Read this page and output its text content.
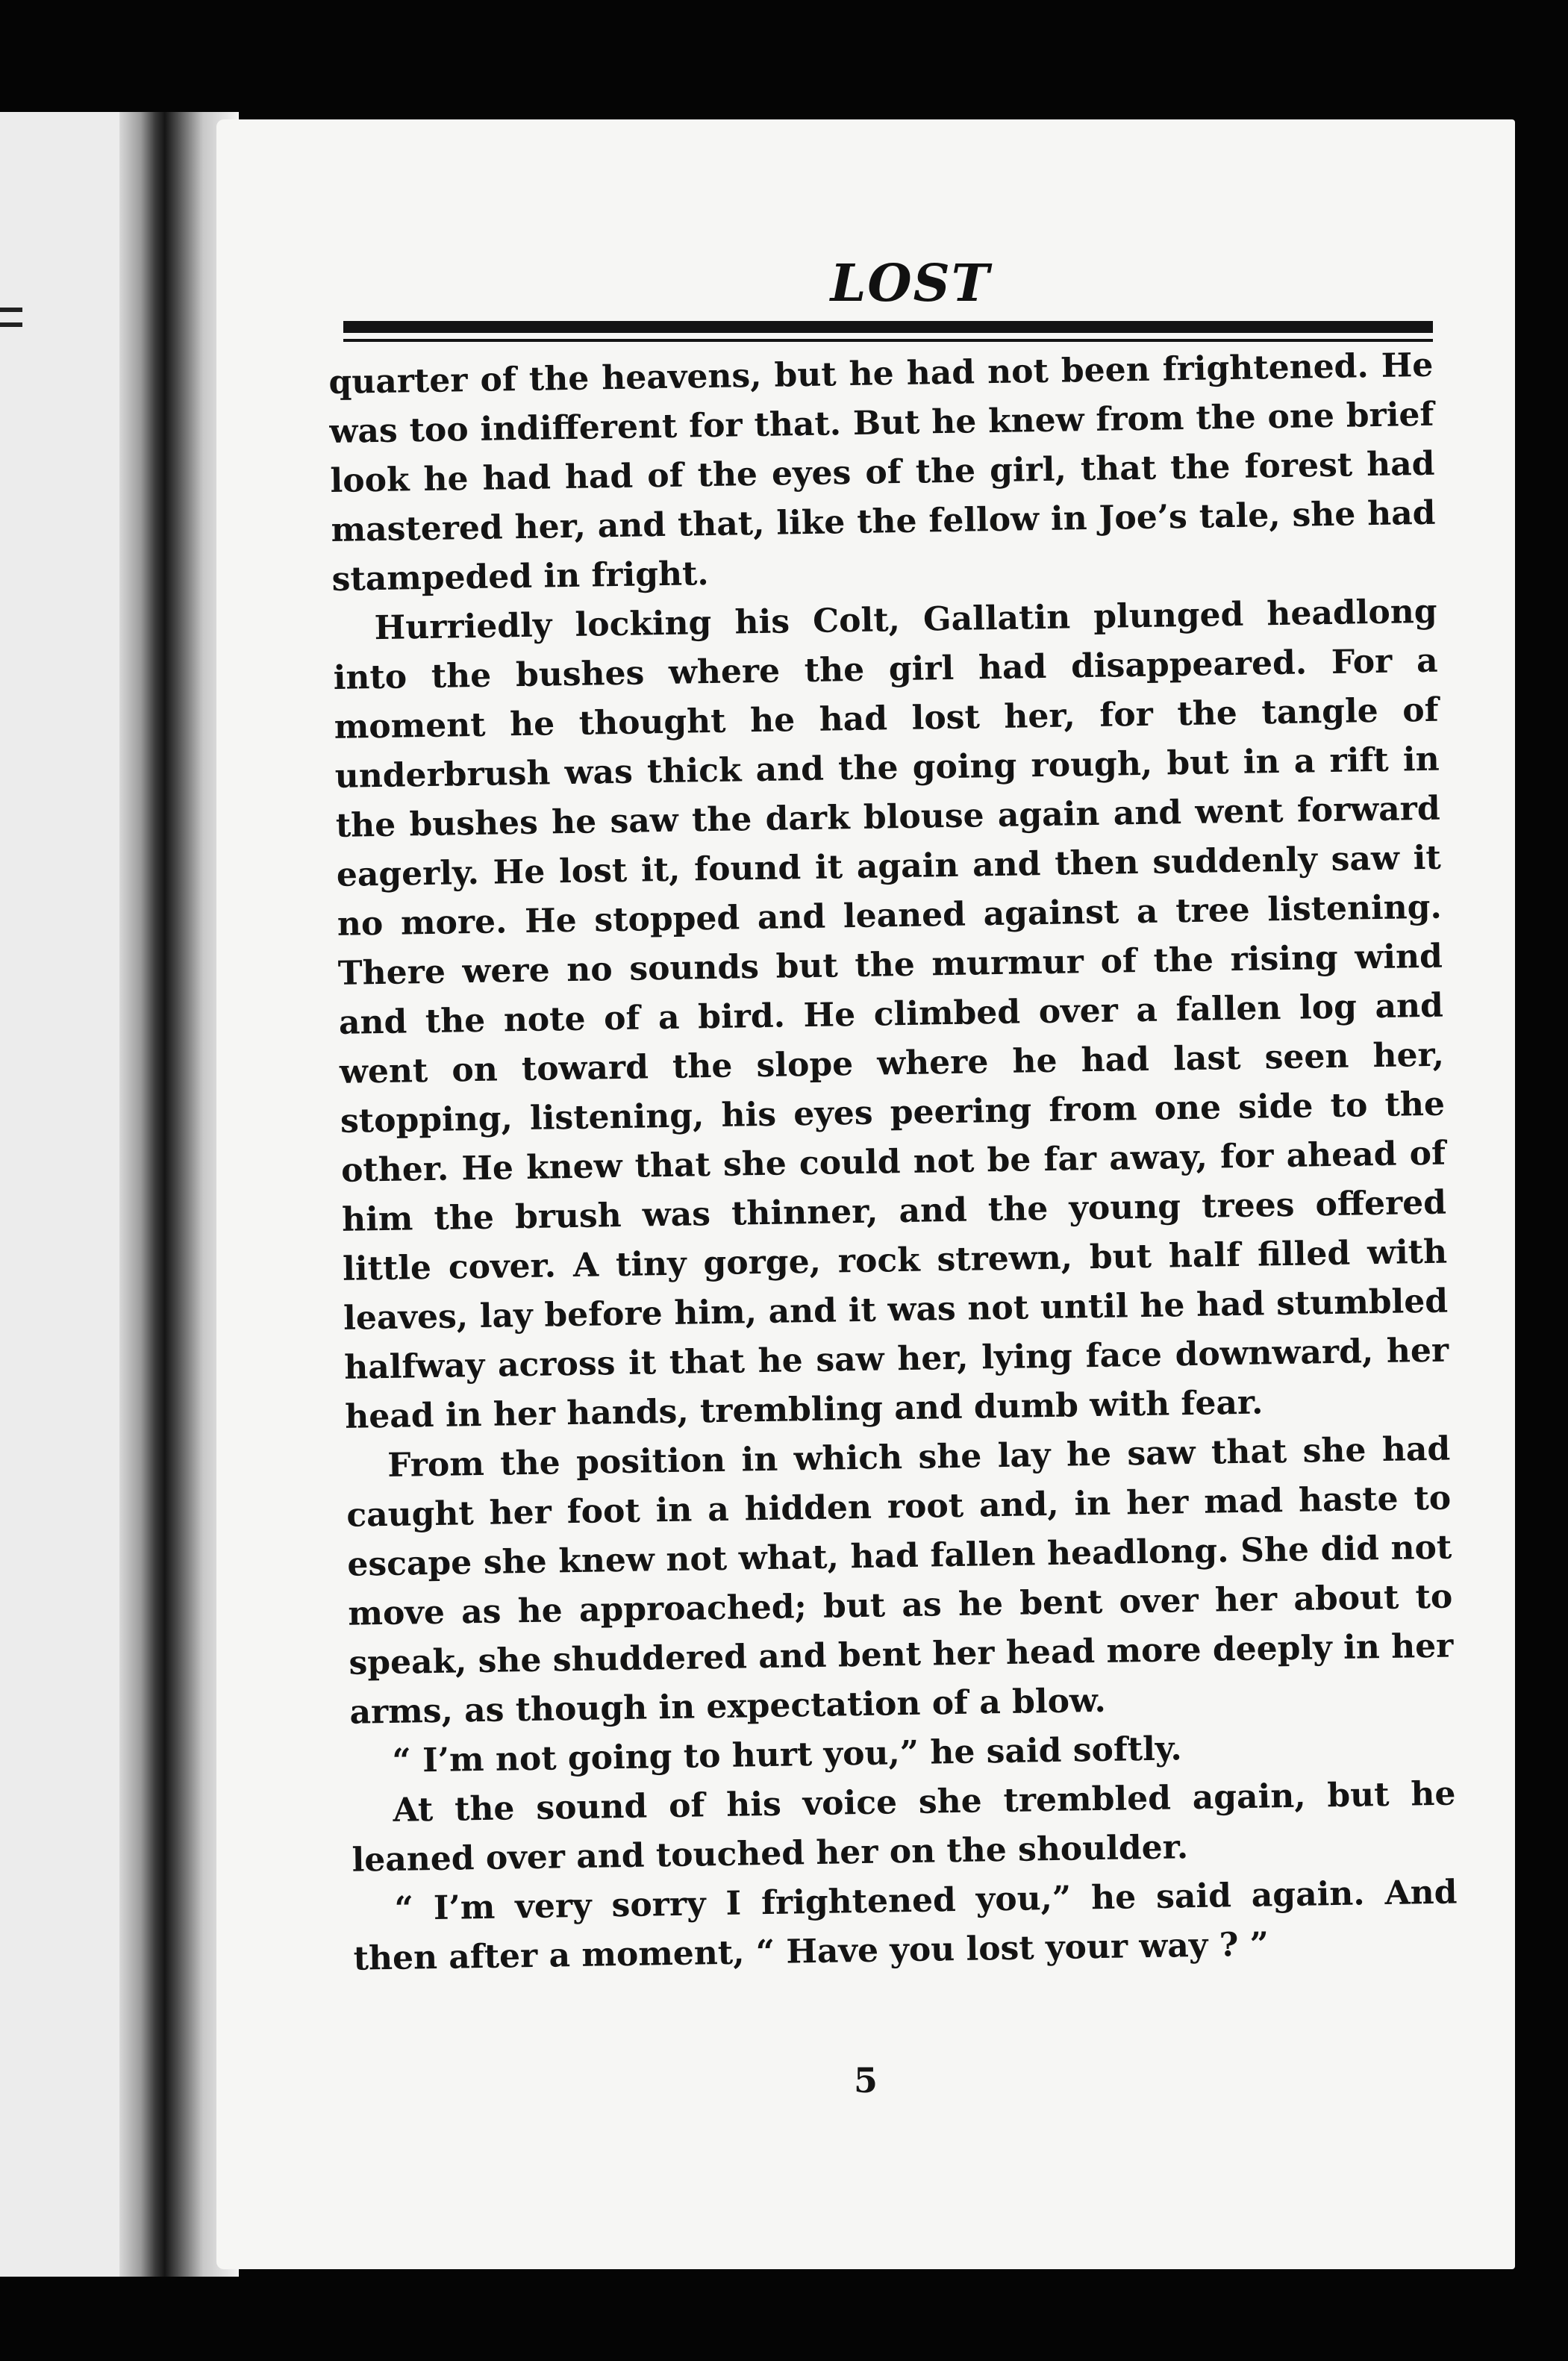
LOST

quarter of the heavens, but he had not been frightened. He was too indifferent for that. But he knew from the one brief look he had had of the eyes of the girl, that the forest had mastered her, and that, like the fellow in Joe’s tale, she had stampeded in fright.

Hurriedly locking his Colt, Gallatin plunged headlong into the bushes where the girl had disappeared. For a moment he thought he had lost her, for the tangle of underbrush was thick and the going rough, but in a rift in the bushes he saw the dark blouse again and went forward eagerly. He lost it, found it again and then suddenly saw it no more. He stopped and leaned against a tree listening. There were no sounds but the murmur of the rising wind and the note of a bird. He climbed over a fallen log and went on toward the slope where he had last seen her, stopping, listening, his eyes peering from one side to the other. He knew that she could not be far away, for ahead of him the brush was thinner, and the young trees offered little cover. A tiny gorge, rock strewn, but half filled with leaves, lay before him, and it was not until he had stumbled halfway across it that he saw her, lying face downward, her head in her hands, trembling and dumb with fear.

From the position in which she lay he saw that she had caught her foot in a hidden root and, in her mad haste to escape she knew not what, had fallen headlong. She did not move as he approached; but as he bent over her about to speak, she shuddered and bent her head more deeply in her arms, as though in expectation of a blow.

“ I’m not going to hurt you,” he said softly.

At the sound of his voice she trembled again, but he leaned over and touched her on the shoulder.

“ I’m very sorry I frightened you,” he said again. And then after a moment, “ Have you lost your way ? ”

5
